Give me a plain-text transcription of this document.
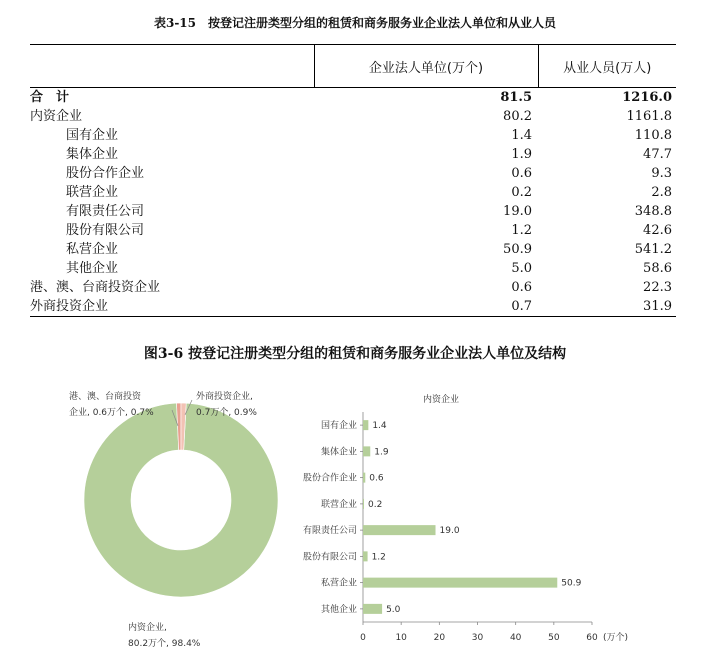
表3-15　按登记注册类型分组的租赁和商务服务业企业法人单位和从业人员
	企业法人单位(万个)	从业人员(万人)
合　计	81.5	1216.0
内资企业	80.2	1161.8
国有企业	1.4	110.8
集体企业	1.9	47.7
股份合作企业	0.6	9.3
联营企业	0.2	2.8
有限责任公司	19.0	348.8
股份有限公司	1.2	42.6
私营企业	50.9	541.2
其他企业	5.0	58.6
港、澳、台商投资企业	0.6	22.3
外商投资企业	0.7	31.9
图3-6 按登记注册类型分组的租赁和商务服务业企业法人单位及结构
港、澳、台商投资
企业, 0.6万个, 0.7%
外商投资企业,
0.7万个, 0.9%
内资企业,
80.2万个, 98.4%
内资企业
国有企业 1.4
集体企业 1.9
股份合作企业 0.6
联营企业 0.2
有限责任公司	19.0
股份有限公司 1.2
私营企业	50.9
其他企业	5.0
0	10	20	30	40	50	60 (万个)
